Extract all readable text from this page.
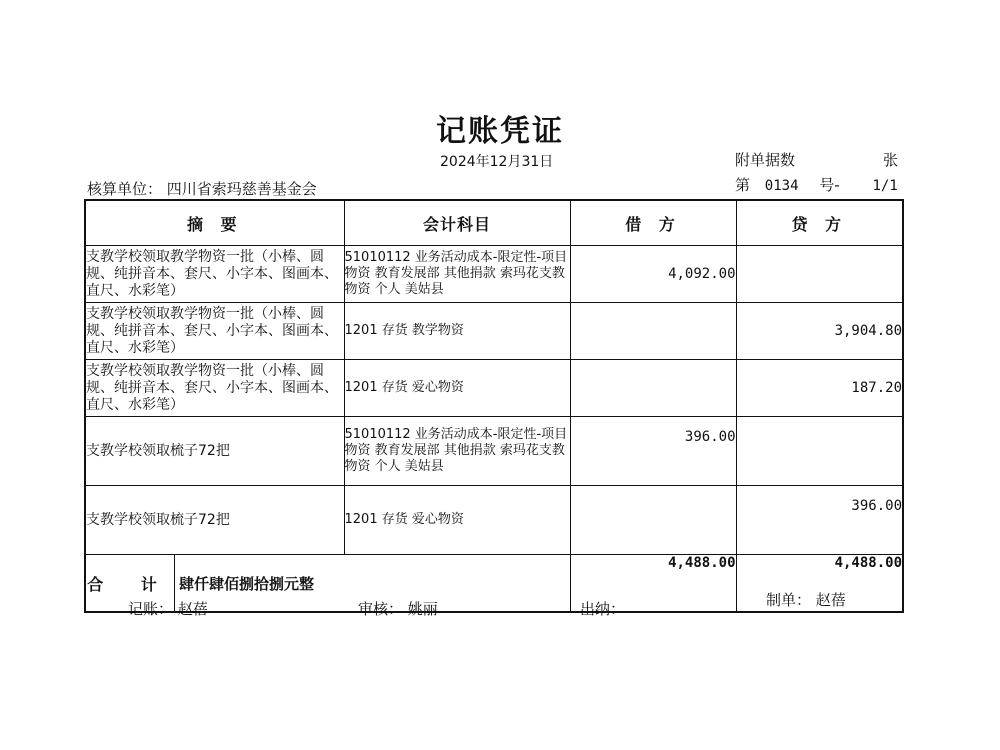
记账凭证
2024年12月31日	附单据数	张
核算单位： 四川省索玛慈善基金会	第 0134 号- 1/1
摘 要	会计科目	借 方	贷 方
支教学校领取教学物资一批（小棒、圆规、纯拼音本、套尺、小字本、图画本、直尺、水彩笔）	51010112 业务活动成本-限定性-项目物资 教育发展部 其他捐款 索玛花支教 物资 个人 美姑县	4,092.00	
支教学校领取教学物资一批（小棒、圆规、纯拼音本、套尺、小字本、图画本、直尺、水彩笔）	1201 存货 教学物资		3,904.80
支教学校领取教学物资一批（小棒、圆规、纯拼音本、套尺、小字本、图画本、直尺、水彩笔）	1201 存货 爱心物资		187.20
支教学校领取梳子72把	51010112 业务活动成本-限定性-项目物资 教育发展部 其他捐款 索玛花支教 物资 个人 美姑县	396.00	
支教学校领取梳子72把	1201 存货 爱心物资		396.00

合 计 肆仟肆佰捌拾捌元整		4,488.00	4,488.00
记账： 赵蓓	审核： 姚丽	出纳：	制单： 赵蓓
